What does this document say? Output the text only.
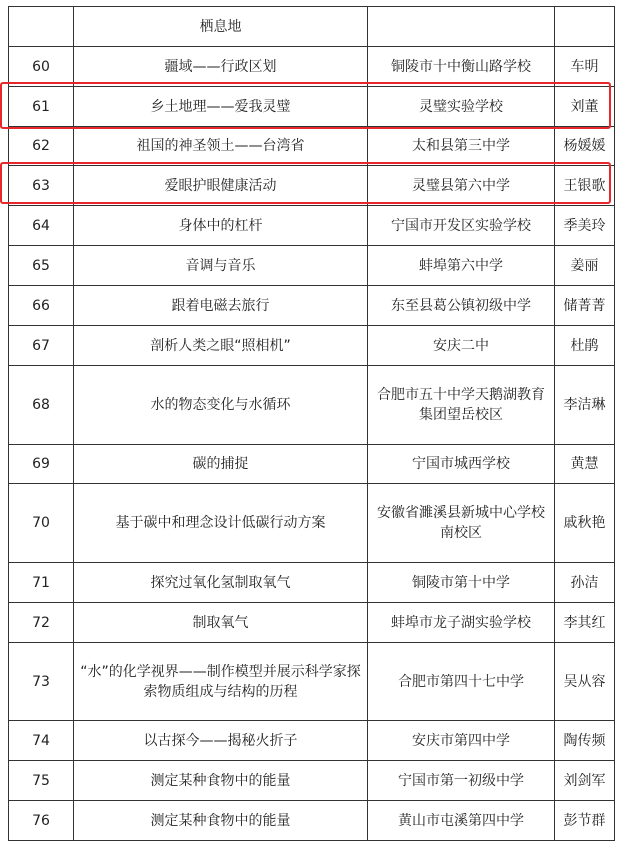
	栖息地		
60	疆域——行政区划	铜陵市十中衡山路学校	车明
61	乡土地理——爱我灵璧	灵璧实验学校	刘董
62	祖国的神圣领土——台湾省	太和县第三中学	杨媛媛
63	爱眼护眼健康活动	灵璧县第六中学	王银歌
64	身体中的杠杆	宁国市开发区实验学校	季美玲
65	音调与音乐	蚌埠第六中学	姜丽
66	跟着电磁去旅行	东至县葛公镇初级中学	储菁菁
67	剖析人类之眼“照相机”	安庆二中	杜鹃
68	水的物态变化与水循环	合肥市五十中学天鹅湖教育集团望岳校区	李洁琳
69	碳的捕捉	宁国市城西学校	黄慧
70	基于碳中和理念设计低碳行动方案	安徽省濉溪县新城中心学校南校区	戚秋艳
71	探究过氧化氢制取氧气	铜陵市第十中学	孙洁
72	制取氧气	蚌埠市龙子湖实验学校	李其红
73	“水”的化学视界——制作模型并展示科学家探索物质组成与结构的历程	合肥市第四十七中学	吴从容
74	以古探今——揭秘火折子	安庆市第四中学	陶传频
75	测定某种食物中的能量	宁国市第一初级中学	刘剑军
76	测定某种食物中的能量	黄山市屯溪第四中学	彭节群
